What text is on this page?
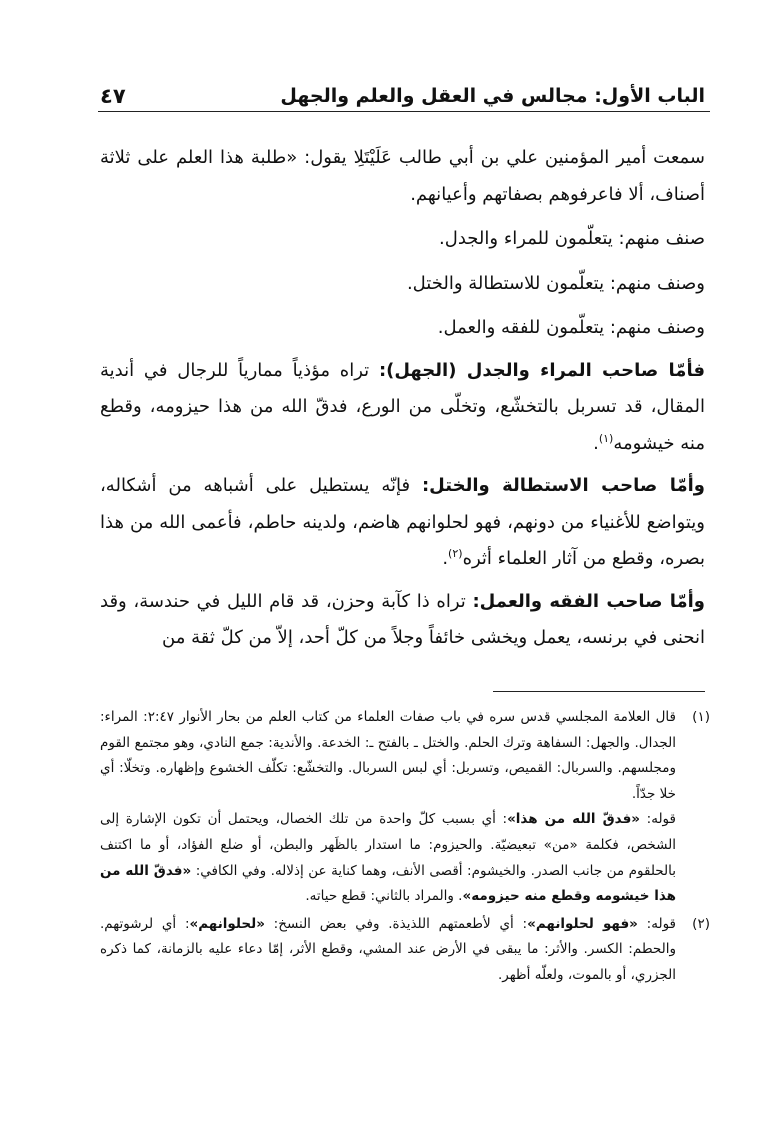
الباب الأول: مجالس في العقل والعلم والجهل
٤٧

سمعت أمير المؤمنين علي بن أبي طالب عَلَيْتَلِا يقول: «طلبة هذا العلم على ثلاثة أصناف، ألا فاعرفوهم بصفاتهم وأعيانهم.

صنف منهم: يتعلّمون للمراء والجدل.

وصنف منهم: يتعلّمون للاستطالة والختل.

وصنف منهم: يتعلّمون للفقه والعمل.

فأمّا صاحب المراء والجدل (الجهل): تراه مؤذياً ممارياً للرجال في أندية المقال، قد تسربل بالتخشّع، وتخلّى من الورع، فدقّ الله من هذا حيزومه، وقطع منه خيشومه$^{(١)}$.

وأمّا صاحب الاستطالة والختل: فإنّه يستطيل على أشباهه من أشكاله، ويتواضع للأغنياء من دونهم، فهو لحلوانهم هاضم، ولدينه حاطم، فأعمى الله من هذا بصره، وقطع من آثار العلماء أثره$^{(٢)}$.

وأمّا صاحب الفقه والعمل: تراه ذا كآبة وحزن، قد قام الليل في حندسة، وقد انحنى في برنسه، يعمل ويخشى خائفاً وجلاً من كلّ أحد، إلاّ من كلّ ثقة من

(١)
قال العلامة المجلسي قدس سره في باب صفات العلماء من كتاب العلم من بحار الأنوار ٢:٤٧: المراء: الجدال. والجهل: السفاهة وترك الحلم. والختل ـ بالفتح ـ: الخدعة. والأندية: جمع النادي، وهو مجتمع القوم ومجلسهم. والسربال: القميص، وتسربل: أي لبس السربال. والتخشّع: تكلّف الخشوع وإظهاره. وتخلّا: أي خلا جدّاً.
قوله: «فدقّ الله من هذا»: أي بسبب كلّ واحدة من تلك الخصال، ويحتمل أن تكون الإشارة إلى الشخص، فكلمة «من» تبعيضيّة. والحيزوم: ما استدار بالظَهر والبطن، أو ضلع الفؤاد، أو ما اكتنف بالحلقوم من جانب الصدر. والخيشوم: أقصى الأنف، وهما كناية عن إذلاله. وفي الكافي: «فدقّ الله من هذا خيشومه وقطع منه حيزومه». والمراد بالثاني: قطع حياته.
(٢)
قوله: «فهو لحلوانهم»: أي لأطعمتهم اللذيذة. وفي بعض النسخ: «لحلوانهم»: أي لرشوتهم. والحطم: الكسر. والأثر: ما يبقى في الأرض عند المشي، وقطع الأثر، إمّا دعاء عليه بالزمانة، كما ذكره الجزري، أو بالموت، ولعلّه أظهر.
